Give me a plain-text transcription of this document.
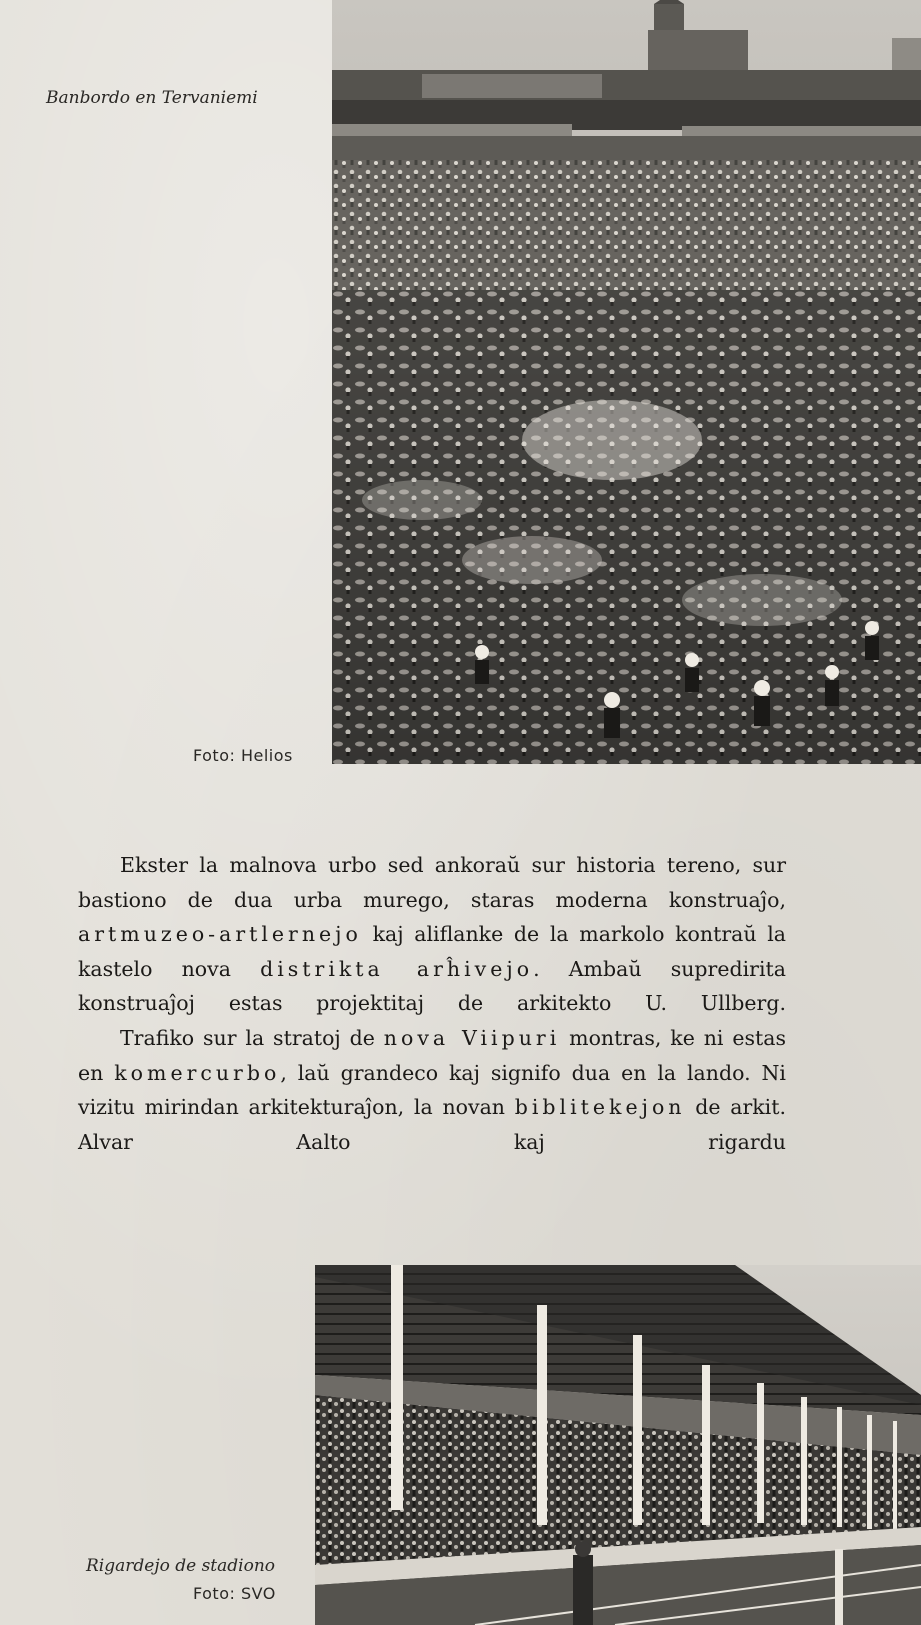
Banbordo en Tervaniemi
Foto: Helios

Ekster la malnova urbo sed ankoraŭ sur historia tereno, sur bastiono de dua urba murego, staras moderna konstruaĵo, artmuzeo-artlernejo kaj aliflanke de la markolo kontraŭ la kastelo nova distrikta arĥivejo. Ambaŭ supredirita konstruaĵoj estas projektitaj de arkitekto U. Ullberg.

Trafiko sur la stratoj de nova Viipuri montras, ke ni estas en komercurbo, laŭ grandeco kaj signifo dua en la lando. Ni vizitu mirindan arkitekturaĵon, la novan biblitekejon de arkit. Alvar Aalto kaj rigardu

Rigardejo de stadiono
Foto: SVO
